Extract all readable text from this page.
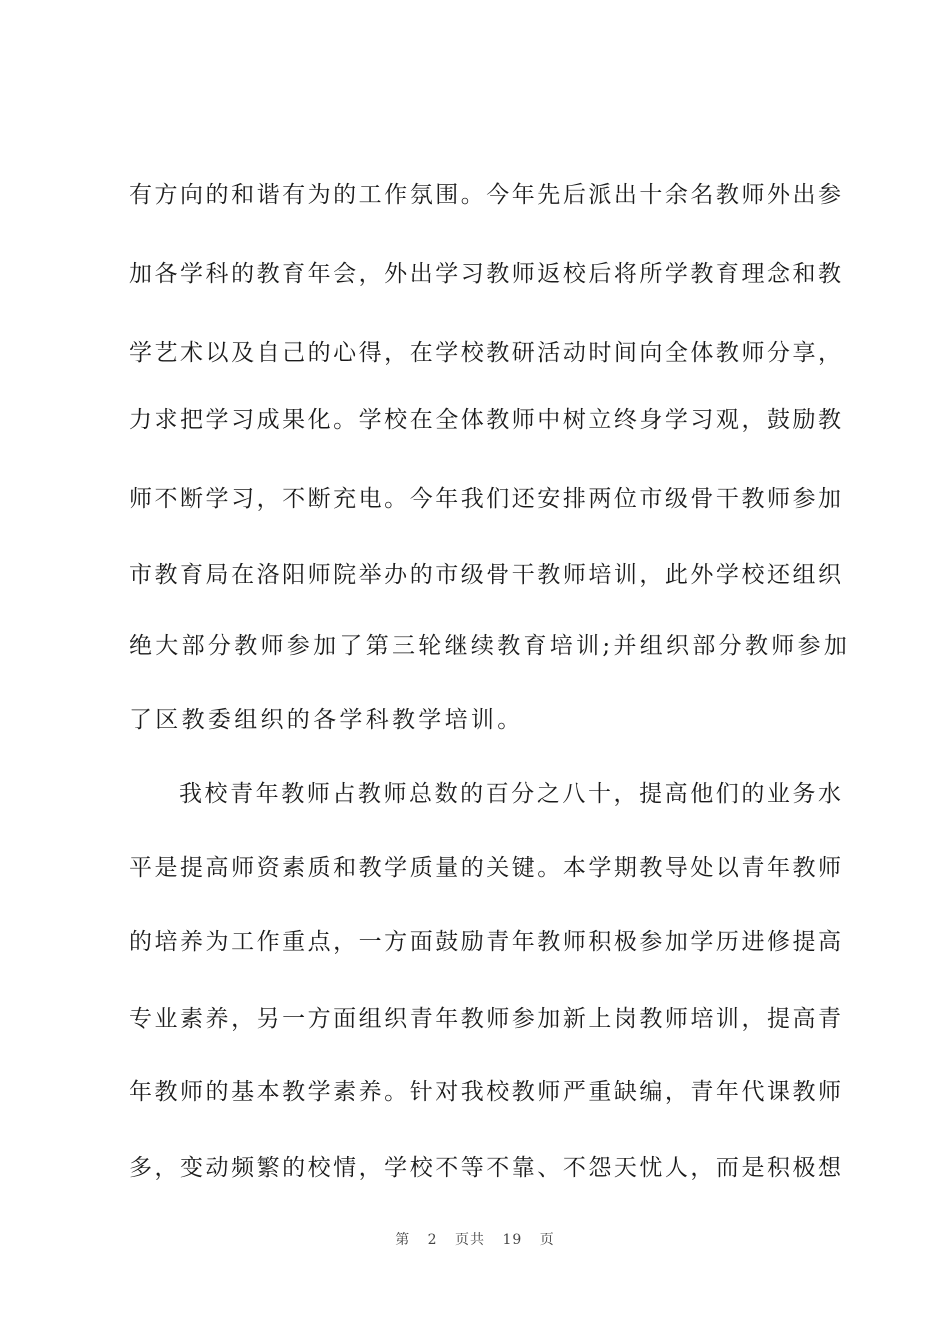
有方向的和谐有为的工作氛围。今年先后派出十余名教师外出参
加各学科的教育年会，外出学习教师返校后将所学教育理念和教
学艺术以及自己的心得，在学校教研活动时间向全体教师分享，
力求把学习成果化。学校在全体教师中树立终身学习观，鼓励教
师不断学习，不断充电。今年我们还安排两位市级骨干教师参加
市教育局在洛阳师院举办的市级骨干教师培训，此外学校还组织
绝大部分教师参加了第三轮继续教育培训;并组织部分教师参加
了区教委组织的各学科教学培训。
我校青年教师占教师总数的百分之八十，提高他们的业务水
平是提高师资素质和教学质量的关键。本学期教导处以青年教师
的培养为工作重点，一方面鼓励青年教师积极参加学历进修提高
专业素养，另一方面组织青年教师参加新上岗教师培训，提高青
年教师的基本教学素养。针对我校教师严重缺编，青年代课教师
多，变动频繁的校情，学校不等不靠、不怨天忧人，而是积极想
第 2 页共 19 页
